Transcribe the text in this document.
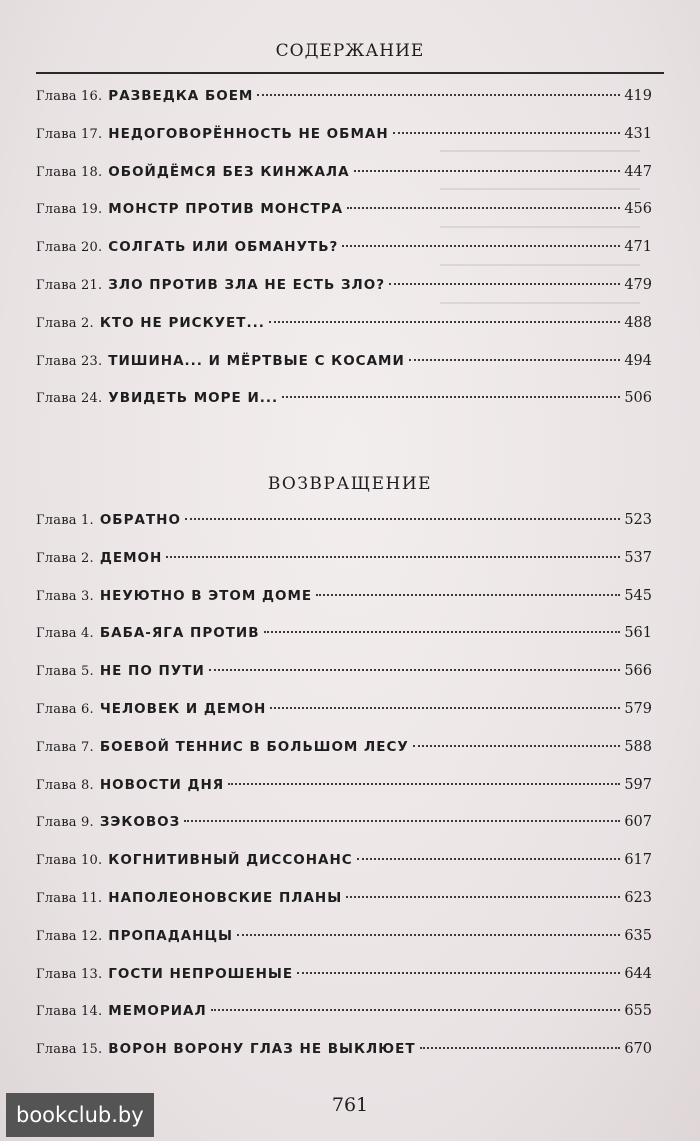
СОДЕРЖАНИЕ
Глава 16. РАЗВЕДКА БОЕМ	419
Глава 17. НЕДОГОВОРЁННОСТЬ НЕ ОБМАН	431
Глава 18. ОБОЙДЁМСЯ БЕЗ КИНЖАЛА	447
Глава 19. МОНСТР ПРОТИВ МОНСТРА	456
Глава 20. СОЛГАТЬ ИЛИ ОБМАНУТЬ?	471
Глава 21. ЗЛО ПРОТИВ ЗЛА НЕ ЕСТЬ ЗЛО?	479
Глава 2. КТО НЕ РИСКУЕТ...	488
Глава 23. ТИШИНА... И МЁРТВЫЕ С КОСАМИ	494
Глава 24. УВИДЕТЬ МОРЕ И...	506
ВОЗВРАЩЕНИЕ
Глава 1. ОБРАТНО	523
Глава 2. ДЕМОН	537
Глава 3. НЕУЮТНО В ЭТОМ ДОМЕ	545
Глава 4. БАБА-ЯГА ПРОТИВ	561
Глава 5. НЕ ПО ПУТИ	566
Глава 6. ЧЕЛОВЕК И ДЕМОН	579
Глава 7. БОЕВОЙ ТЕННИС В БОЛЬШОМ ЛЕСУ	588
Глава 8. НОВОСТИ ДНЯ	597
Глава 9. ЗЭКОВОЗ	607
Глава 10. КОГНИТИВНЫЙ ДИССОНАНС	617
Глава 11. НАПОЛЕОНОВСКИЕ ПЛАНЫ	623
Глава 12. ПРОПАДАНЦЫ	635
Глава 13. ГОСТИ НЕПРОШЕНЫЕ	644
Глава 14. МЕМОРИАЛ	655
Глава 15. ВОРОН ВОРОНУ ГЛАЗ НЕ ВЫКЛЮЕТ	670
761
bookclub.by
